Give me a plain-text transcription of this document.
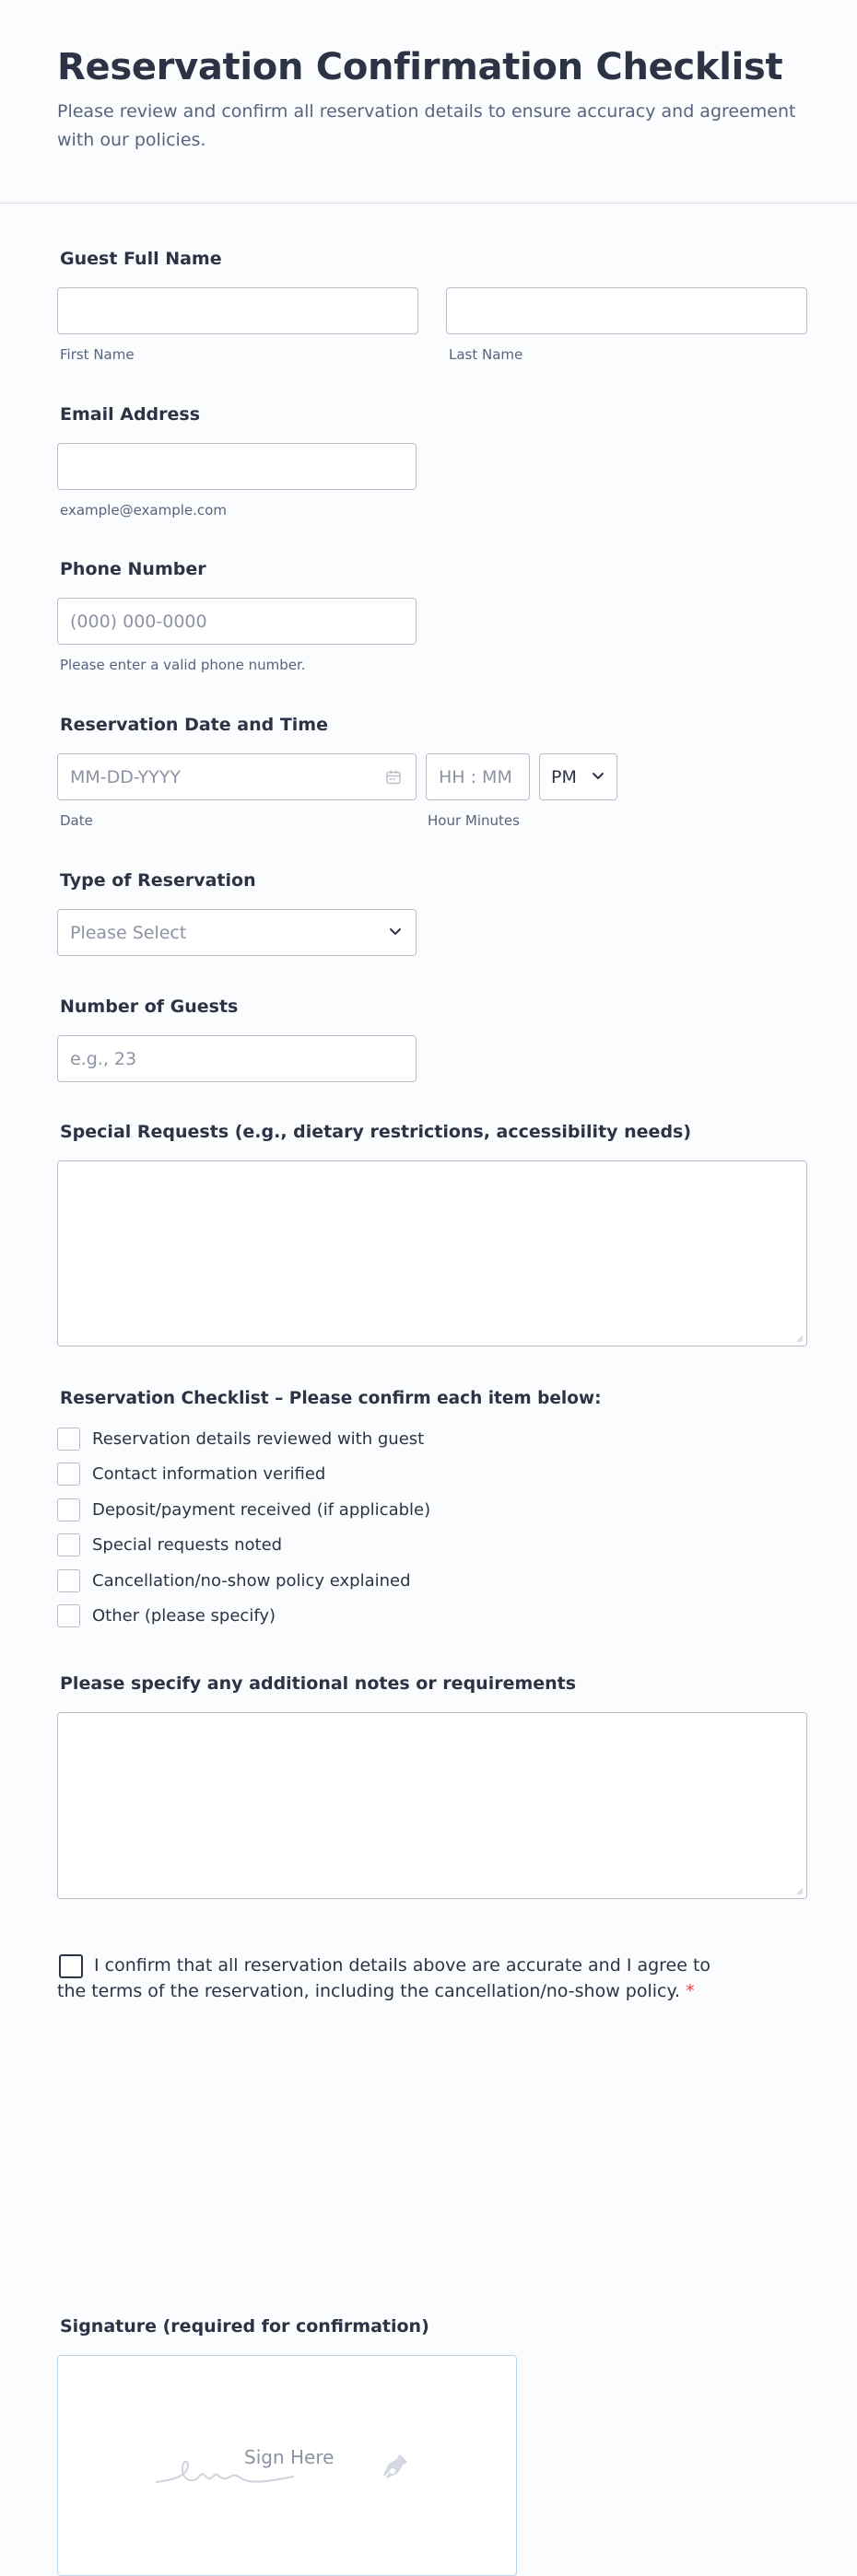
Reservation Confirmation Checklist

Please review and confirm all reservation details to ensure accuracy and agreement with our policies.

Guest Full Name
First Name	Last Name
Email Address
example@example.com
Phone Number
(000) 000-0000
Please enter a valid phone number.
Reservation Date and Time
MM-DD-YYYY
HH : MM
PM
Date	Hour Minutes
Type of Reservation
Please Select
Number of Guests
e.g., 23
Special Requests (e.g., dietary restrictions, accessibility needs)
Reservation Checklist – Please confirm each item below:
Reservation details reviewed with guest
Contact information verified
Deposit/payment received (if applicable)
Special requests noted
Cancellation/no-show policy explained
Other (please specify)
Please specify any additional notes or requirements
I confirm that all reservation details above are accurate and I agree to
the terms of the reservation, including the cancellation/no-show policy. *
Signature (required for confirmation)
Sign Here
